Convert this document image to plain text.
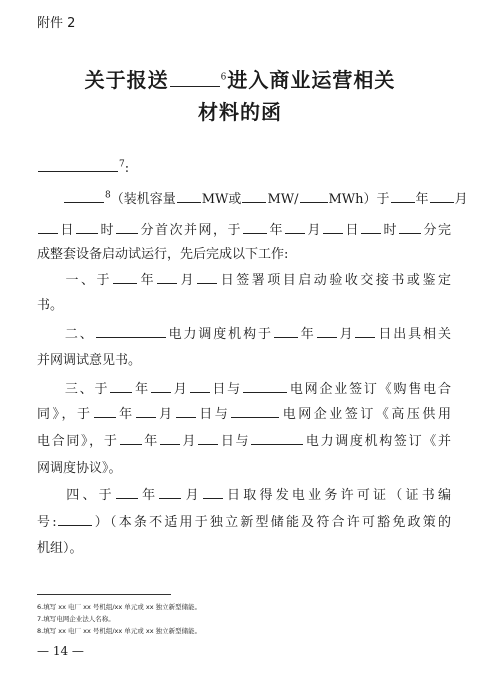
附件 2
关于报送	$^6$进入商业运营相关
材料的函
$^7$:
$^8$（装机容量 MW或 MW/ MWh）于 年 月
日 时 分首次并网，于 年 月 日 时 分完
成整套设备启动试运行，先后完成以下工作:
一、于 年 月 日签署项目启动验收交接书或鉴定
书。
二、	电力调度机构于 年 月 日出具相关
并网调试意见书。
三、于 年 月 日与	电网企业签订《购售电合
同》，于 年 月 日与	电网企业签订《高压供用
电合同》，于 年 月 日与	电力调度机构签订《并
网调度协议》。
四、于 年 月 日取得发电业务许可证（证书编
号:	）（本条不适用于独立新型储能及符合许可豁免政策的
机组）。
6.填写 xx 电厂 xx 号机组/xx 单元或 xx 独立新型储能。
7.填写电网企业法人名称。
8.填写 xx 电厂 xx 号机组/xx 单元或 xx 独立新型储能。
— 14 —
